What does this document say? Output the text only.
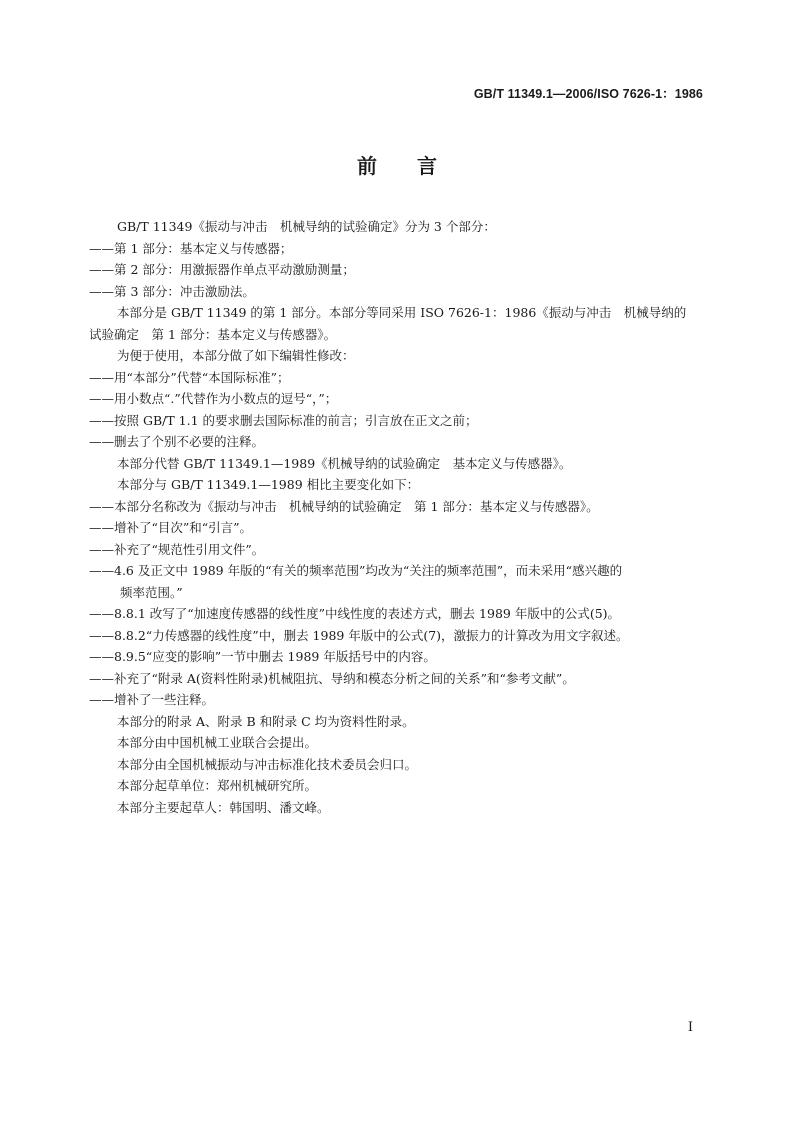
GB/T 11349.1—2006/ISO 7626-1：1986
前　　言
GB/T 11349《振动与冲击　机械导纳的试验确定》分为 3 个部分：
——第 1 部分：基本定义与传感器；
——第 2 部分：用激振器作单点平动激励测量；
——第 3 部分：冲击激励法。
本部分是 GB/T 11349 的第 1 部分。本部分等同采用 ISO 7626-1：1986《振动与冲击　机械导纳的
试验确定　第 1 部分：基本定义与传感器》。
为便于使用，本部分做了如下编辑性修改：
——用“本部分”代替“本国际标准”；
——用小数点“.”代替作为小数点的逗号“，”；
——按照 GB/T 1.1 的要求删去国际标准的前言；引言放在正文之前；
——删去了个别不必要的注释。
本部分代替 GB/T 11349.1—1989《机械导纳的试验确定　基本定义与传感器》。
本部分与 GB/T 11349.1—1989 相比主要变化如下：
——本部分名称改为《振动与冲击　机械导纳的试验确定　第 1 部分：基本定义与传感器》。
——增补了“目次”和“引言”。
——补充了“规范性引用文件”。
——4.6 及正文中 1989 年版的“有关的频率范围”均改为“关注的频率范围”，而未采用“感兴趣的
频率范围。”
——8.8.1 改写了“加速度传感器的线性度”中线性度的表述方式，删去 1989 年版中的公式(5)。
——8.8.2“力传感器的线性度”中，删去 1989 年版中的公式(7)，激振力的计算改为用文字叙述。
——8.9.5“应变的影响”一节中删去 1989 年版括号中的内容。
——补充了“附录 A(资料性附录)机械阻抗、导纳和模态分析之间的关系”和“参考文献”。
——增补了一些注释。
本部分的附录 A、附录 B 和附录 C 均为资料性附录。
本部分由中国机械工业联合会提出。
本部分由全国机械振动与冲击标准化技术委员会归口。
本部分起草单位：郑州机械研究所。
本部分主要起草人：韩国明、潘文峰。
I
